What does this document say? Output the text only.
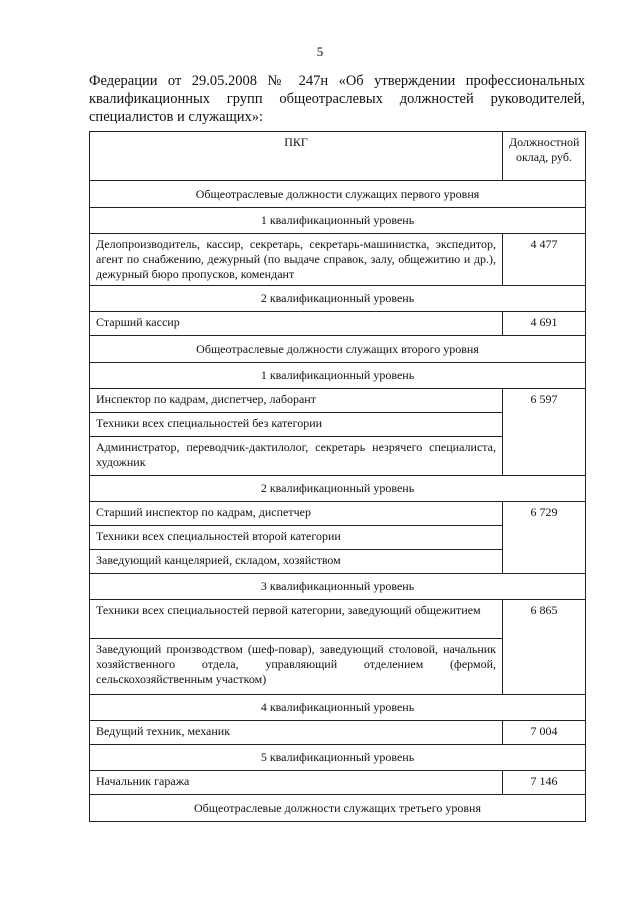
5
Федерации от 29.05.2008 № 247н «Об утверждении профессиональных квалификационных групп общеотраслевых должностей руководителей, специалистов и служащих»:
ПКГ	Должностной оклад, руб.
Общеотраслевые должности служащих первого уровня	
1 квалификационный уровень	
Делопроизводитель, кассир, секретарь, секретарь-машинистка, экспедитор, агент по снабжению, дежурный (по выдаче справок, залу, общежитию и др.), дежурный бюро пропусков, комендант	4 477
2 квалификационный уровень	
Старший кассир	4 691
Общеотраслевые должности служащих второго уровня	
1 квалификационный уровень	
Инспектор по кадрам, диспетчер, лаборант	6 597
Техники всех специальностей без категории	
Администратор, переводчик-дактилолог, секретарь незрячего специалиста, художник	
2 квалификационный уровень	
Старший инспектор по кадрам, диспетчер	6 729
Техники всех специальностей второй категории	
Заведующий канцелярией, складом, хозяйством	
3 квалификационный уровень	
Техники всех специальностей первой категории, заведующий общежитием	6 865
Заведующий производством (шеф-повар), заведующий столовой, начальник хозяйственного отдела, управляющий отделением (фермой, сельскохозяйственным участком)	
4 квалификационный уровень	
Ведущий техник, механик	7 004
5 квалификационный уровень	
Начальник гаража	7 146
Общеотраслевые должности служащих третьего уровня	
